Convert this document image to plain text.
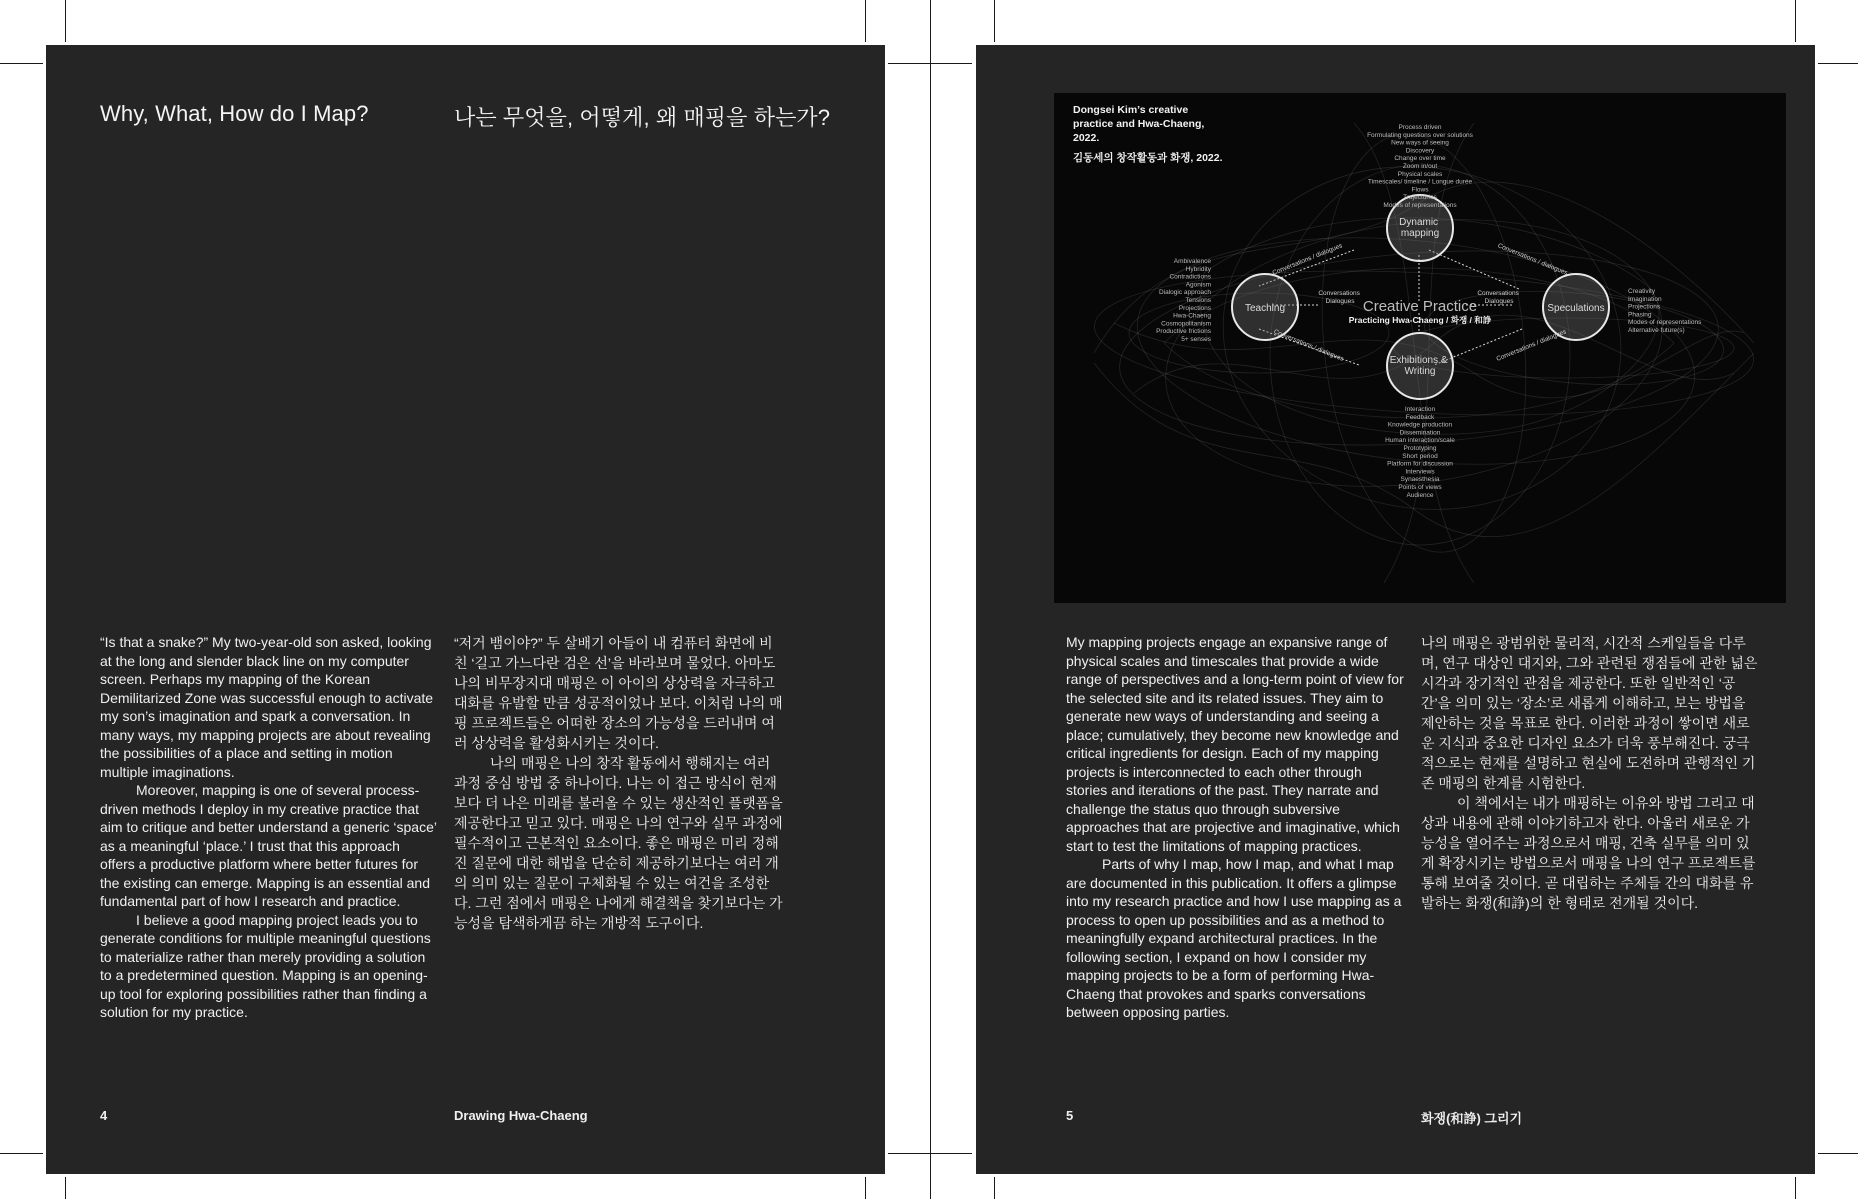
Why, What, How do I Map?	나는 무엇을, 어떻게, 왜 매핑을 하는가?

“Is that a snake?” My two-year-old son asked, looking at the long and slender black line on my computer screen. Perhaps my mapping of the Korean Demilitarized Zone was successful enough to activate my son’s imagination and spark a conversation. In many ways, my mapping projects are about revealing the possibilities of a place and setting in motion multiple imaginations.

Moreover, mapping is one of several process-driven methods I deploy in my creative practice that aim to critique and better understand a generic ‘space’ as a meaningful ‘place.’ I trust that this approach offers a productive platform where better futures for the existing can emerge. Mapping is an essential and fundamental part of how I research and practice.

I believe a good mapping project leads you to generate conditions for multiple meaningful questions to materialize rather than merely providing a solution to a predetermined question. Mapping is an opening-up tool for exploring possibilities rather than finding a solution for my practice.

“저거 뱀이야?” 두 살배기 아들이 내 컴퓨터 화면에 비친 ‘길고 가느다란 검은 선’을 바라보며 물었다. 아마도 나의 비무장지대 매핑은 이 아이의 상상력을 자극하고 대화를 유발할 만큼 성공적이었나 보다. 이처럼 나의 매핑 프로젝트들은 어떠한 장소의 가능성을 드러내며 여러 상상력을 활성화시키는 것이다.

나의 매핑은 나의 창작 활동에서 행해지는 여러 과정 중심 방법 중 하나이다. 나는 이 접근 방식이 현재보다 더 나은 미래를 불러올 수 있는 생산적인 플랫폼을 제공한다고 믿고 있다. 매핑은 나의 연구와 실무 과정에 필수적이고 근본적인 요소이다. 좋은 매핑은 미리 정해진 질문에 대한 해법을 단순히 제공하기보다는 여러 개의 의미 있는 질문이 구체화될 수 있는 여건을 조성한다. 그런 점에서 매핑은 나에게 해결책을 찾기보다는 가능성을 탐색하게끔 하는 개방적 도구이다.

4	Drawing Hwa-Chaeng
Dynamic mapping
Teaching	Speculations
Exhibitions & Writing
Creative Practice
Practicing Hwa-Chaeng / 화쟁 / 和諍
Conversations / dialogues	Conversations / dialogues
Conversations / dialogues	Conversations / dialogues
Conversations Dialogues
Conversations Dialogues
Process driven Formulating questions over solutions New ways of seeing Discovery Change over time Zoom in/out Physical scales Timescales/ timeline / Longue durée Flows Trajectories Modes of representations
Ambivalence Hybridity Contradictions Agonism Dialogic approach Tensions Projections Hwa-Chaeng Cosmopolitanism Productive frictions 5+ senses
Creativity Imagination Projections Phasing Modes of representations Alternative future(s)
Interaction Feedback Knowledge production Dissemination Human interaction/scale Prototyping Short period Platform for discussion Interviews Synaesthesia Points of views Audience
Dongsei Kim’s creative practice and Hwa-Chaeng, 2022.
김동세의 창작활동과 화쟁, 2022.

My mapping projects engage an expansive range of physical scales and timescales that provide a wide range of perspectives and a long-term point of view for the selected site and its related issues. They aim to generate new ways of understanding and seeing a place; cumulatively, they become new knowledge and critical ingredients for design. Each of my mapping projects is interconnected to each other through stories and iterations of the past. They narrate and challenge the status quo through subversive approaches that are projective and imaginative, which start to test the limitations of mapping practices.

Parts of why I map, how I map, and what I map are documented in this publication. It offers a glimpse into my research practice and how I use mapping as a process to open up possibilities and as a method to meaningfully expand architectural practices. In the following section, I expand on how I consider my mapping projects to be a form of performing Hwa-Chaeng that provokes and sparks conversations between opposing parties.

나의 매핑은 광범위한 물리적, 시간적 스케일들을 다루며, 연구 대상인 대지와, 그와 관련된 쟁점들에 관한 넓은 시각과 장기적인 관점을 제공한다. 또한 일반적인 ‘공간’을 의미 있는 ‘장소’로 새롭게 이해하고, 보는 방법을 제안하는 것을 목표로 한다. 이러한 과정이 쌓이면 새로운 지식과 중요한 디자인 요소가 더욱 풍부해진다. 궁극적으로는 현재를 설명하고 현실에 도전하며 관행적인 기존 매핑의 한계를 시험한다.

이 책에서는 내가 매핑하는 이유와 방법 그리고 대상과 내용에 관해 이야기하고자 한다. 아울러 새로운 가능성을 열어주는 과정으로서 매핑, 건축 실무를 의미 있게 확장시키는 방법으로서 매핑을 나의 연구 프로젝트를 통해 보여줄 것이다. 곧 대립하는 주체들 간의 대화를 유발하는 화쟁(和諍)의 한 형태로 전개될 것이다.

5	화쟁(和諍) 그리기
